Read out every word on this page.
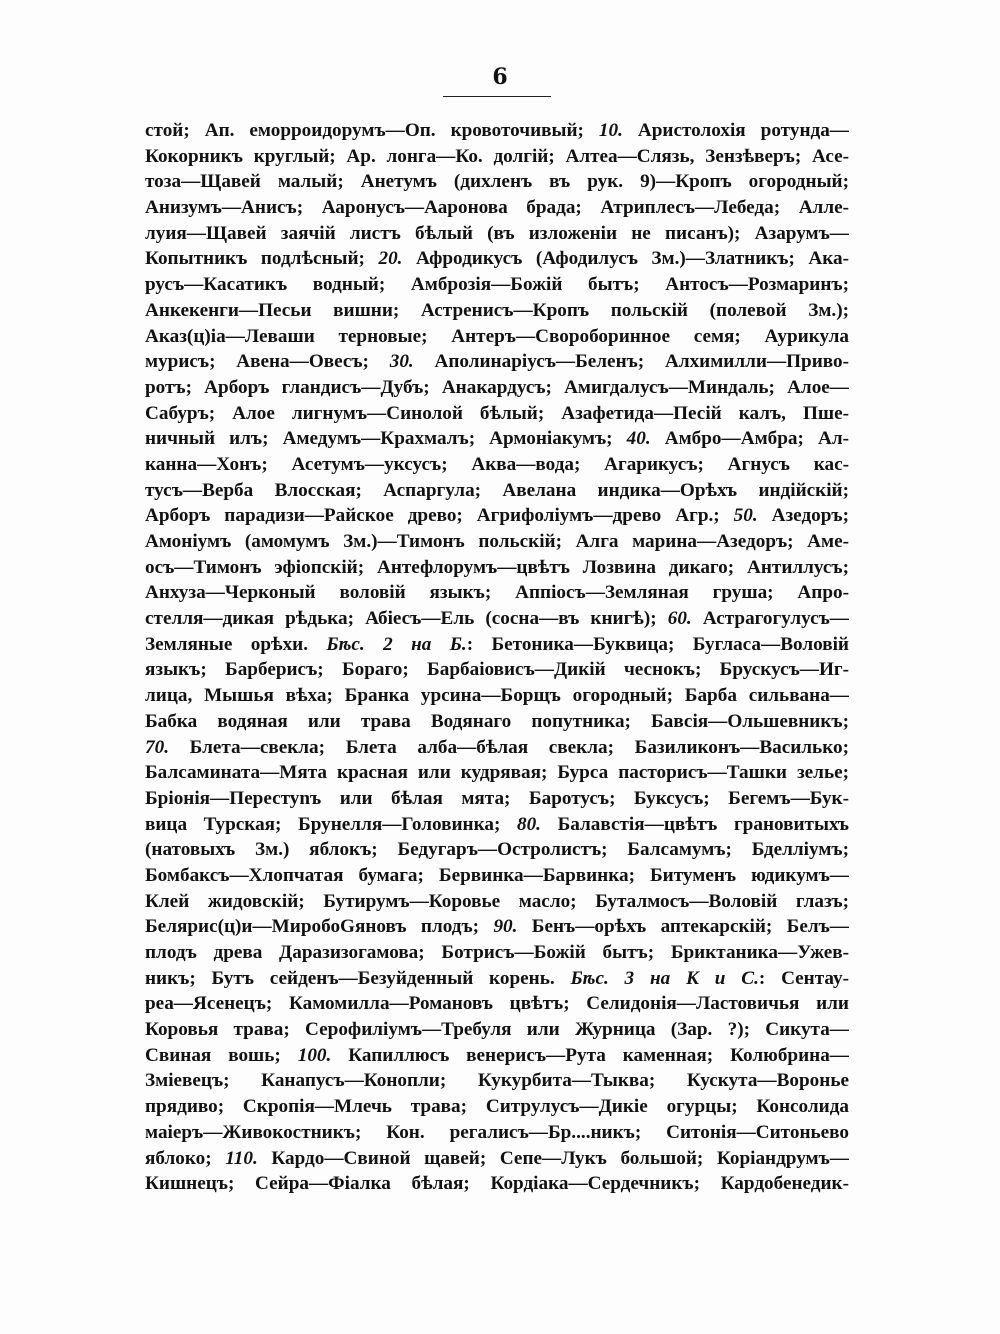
6
стой; Ап. еморроидорумъ—Оп. кровоточивый; 10. Аристолохія ротунда—
Кокорникъ круглый; Ар. лонга—Ко. долгій; Алтеа—Слязь, Зензѣверъ; Асе-
тоза—Щавей малый; Анетумъ (дихленъ въ рук. 9)—Кропъ огородный;
Анизумъ—Анисъ; Ааронусъ—Ааронова брада; Атриплесъ—Лебеда; Алле-
луия—Щавей заячій листъ бѣлый (въ изложеніи не писанъ); Азарумъ—
Копытникъ подлѣсный; 20. Афродикусъ (Афодилусъ Зм.)—Златникъ; Ака-
русъ—Касатикъ водный; Амброзія—Божій бытъ; Антосъ—Розмаринъ;
Анкекенги—Песьи вишни; Астренисъ—Кропъ польскій (полевой Зм.);
Аказ(ц)іа—Леваши терновые; Антеръ—Своробориннoе семя; Аурикула
мурисъ; Авена—Овесъ; 30. Аполинаріусъ—Беленъ; Алхимилли—Приво-
ротъ; Арборъ гландисъ—Дубъ; Анакардусъ; Амигдалусъ—Миндаль; Алое—
Сабуръ; Алое лигнумъ—Синолой бѣлый; Азафетида—Песій калъ, Пше-
ничный илъ; Амедумъ—Крахмалъ; Армоніакумъ; 40. Амбро—Амбра; Ал-
канна—Хонъ; Асетумъ—уксусъ; Аква—вода; Агарикусъ; Агнусъ кас-
тусъ—Верба Влосская; Аспаргула; Авелана индика—Орѣхъ индійскій;
Арборъ парадизи—Райское древо; Агрифоліумъ—древо Агр.; 50. Азедоръ;
Амоніумъ (амомумъ Зм.)—Тимонъ польскій; Алга марина—Азедоръ; Аме-
осъ—Тимонъ эфіопскій; Антефлорумъ—цвѣтъ Лозвина дикаго; Антиллусъ;
Анхуза—Черконый воловій языкъ; Аппіосъ—Земляная груша; Апро-
стелля—дикая рѣдька; Абіесъ—Ель (сосна—въ книгѣ); 60. Астрагогулусъ—
Земляные орѣхи. Бѣс. 2 на Б.: Бетоника—Буквица; Бугласа—Воловій
языкъ; Барберисъ; Бораго; Барбаіовисъ—Дикій чеснокъ; Брускусъ—Иг-
лица, Мышья вѣха; Бранка урсина—Борщъ огородный; Барба сильвана—
Бабка водяная или трава Водянаго попутника; Бавсія—Ольшевникъ;
70. Блета—свекла; Блета алба—бѣлая свекла; Базиликонъ—Василько;
Балсамината—Мята красная или кудрявая; Бурса пасторисъ—Ташки зелье;
Бріонія—Перестуnъ или бѣлая мята; Баротусъ; Буксусъ; Бегемъ—Бук-
вица Турская; Брунелля—Головинка; 80. Балавстія—цвѣтъ грановитыхъ
(натовыхъ Зм.) яблокъ; Бедугаръ—Остролистъ; Балсамумъ; Бделліумъ;
Бомбаксъ—Хлопчатая бумага; Бервинка—Барвинка; Битуменъ юдикумъ—
Клей жидовскій; Бутирумъ—Коровье масло; Буталмосъ—Воловій глазъ;
Белярис(ц)и—МиробоGяновъ плодъ; 90. Бенъ—орѣхъ аптекарскій; Белъ—
плодъ древа Даразизогамова; Ботрисъ—Божій бытъ; Бриктаника—Ужев-
никъ; Бутъ сейденъ—Безуйденный корень. Бѣс. 3 на К и С.: Сентау-
реа—Ясенецъ; Камомилла—Романовъ цвѣтъ; Селидонія—Ластовичья или
Коровья трава; Серофиліумъ—Требуля или Журница (Зар. ?); Сикута—
Свиная вошь; 100. Капиллюсъ венерисъ—Рута каменная; Колюбрина—
Зміевецъ; Канапусъ—Конопли; Кукурбита—Тыква; Кускута—Воронье
прядиво; Скропія—Млечь трава; Ситрулусъ—Дикіе огурцы; Консолида
маіеръ—Живокостникъ; Кон. регалисъ—Бр....никъ; Ситонія—Ситоньево
яблоко; 110. Кардо—Свиной щавей; Сепе—Лукъ большой; Коріандрумъ—
Кишнецъ; Сейра—Фіалка бѣлая; Кордіака—Сердечникъ; Кардобенедик-
